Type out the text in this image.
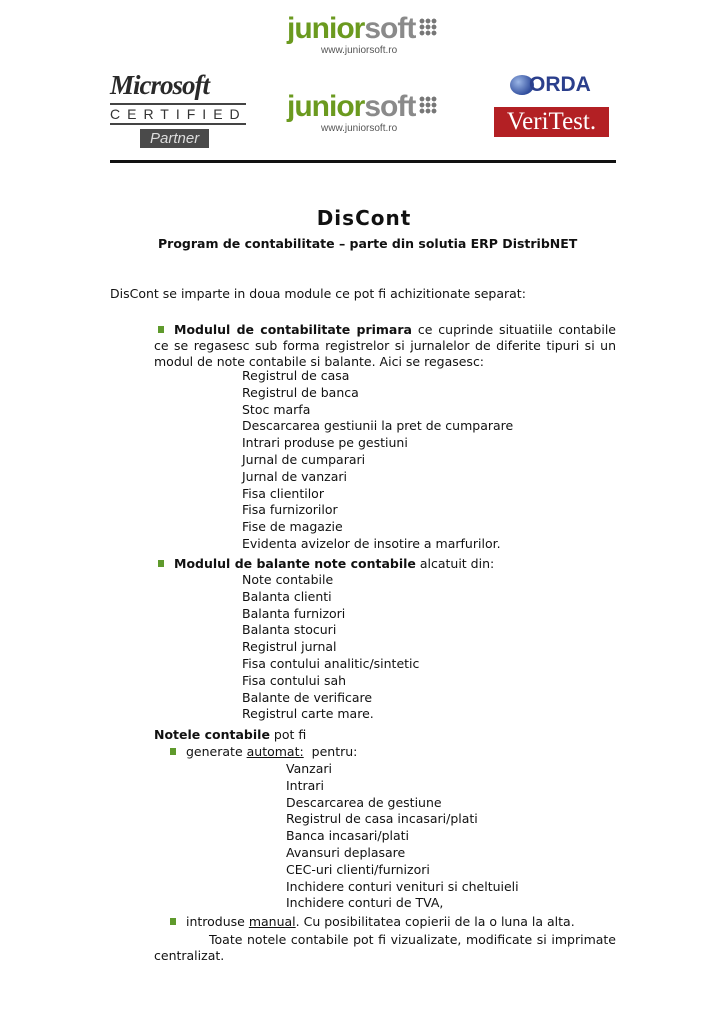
juniorsoft
www.juniorsoft.ro
Microsoft
CERTIFIED
Partner
juniorsoft
www.juniorsoft.ro
ORDA
VeriTest.
DisCont
Program de contabilitate – parte din solutia ERP DistribNET
DisCont se imparte in doua module ce pot fi achizitionate separat:
Modulul de contabilitate primara ce cuprinde situatiile contabile ce se regasesc sub forma registrelor si jurnalelor de diferite tipuri si un modul de note contabile si balante. Aici se regasesc:
Registrul de casa
Registrul de banca
Stoc marfa
Descarcarea gestiunii la pret de cumparare
Intrari produse pe gestiuni
Jurnal de cumparari
Jurnal de vanzari
Fisa clientilor
Fisa furnizorilor
Fise de magazie
Evidenta avizelor de insotire a marfurilor.
Modulul de balante note contabile alcatuit din:
Note contabile
Balanta clienti
Balanta furnizori
Balanta stocuri
Registrul jurnal
Fisa contului analitic/sintetic
Fisa contului sah
Balante de verificare
Registrul carte mare.
Notele contabile pot fi
generate automat:  pentru:
Vanzari
Intrari
Descarcarea de gestiune
Registrul de casa incasari/plati
Banca incasari/plati
Avansuri deplasare
CEC-uri clienti/furnizori
Inchidere conturi venituri si cheltuieli
Inchidere conturi de TVA,
introduse manual. Cu posibilitatea copierii de la o luna la alta.
Toate notele contabile pot fi vizualizate, modificate si imprimate centralizat.
